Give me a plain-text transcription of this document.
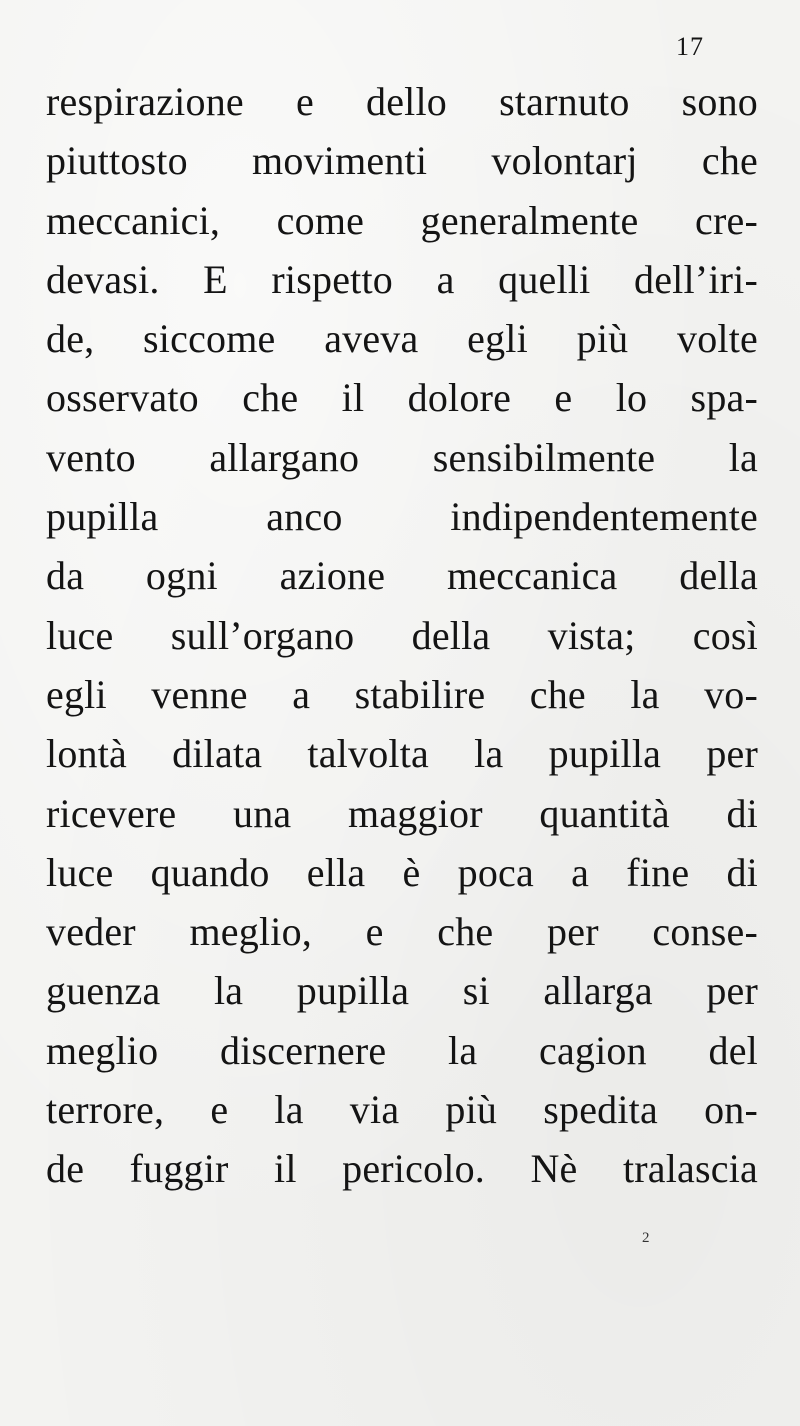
17
respirazione e dello starnuto sono
piuttosto movimenti volontarj che
meccanici, come generalmente cre-
devasi. E rispetto a quelli dell’iri-
de, siccome aveva egli più volte
osservato che il dolore e lo spa-
vento allargano sensibilmente la
pupilla anco indipendentemente
da ogni azione meccanica della
luce sull’organo della vista; così
egli venne a stabilire che la vo-
lontà dilata talvolta la pupilla per
ricevere una maggior quantità di
luce quando ella è poca a fine di
veder meglio, e che per conse-
guenza la pupilla si allarga per
meglio discernere la cagion del
terrore, e la via più spedita on-
de fuggir il pericolo. Nè tralascia
2
